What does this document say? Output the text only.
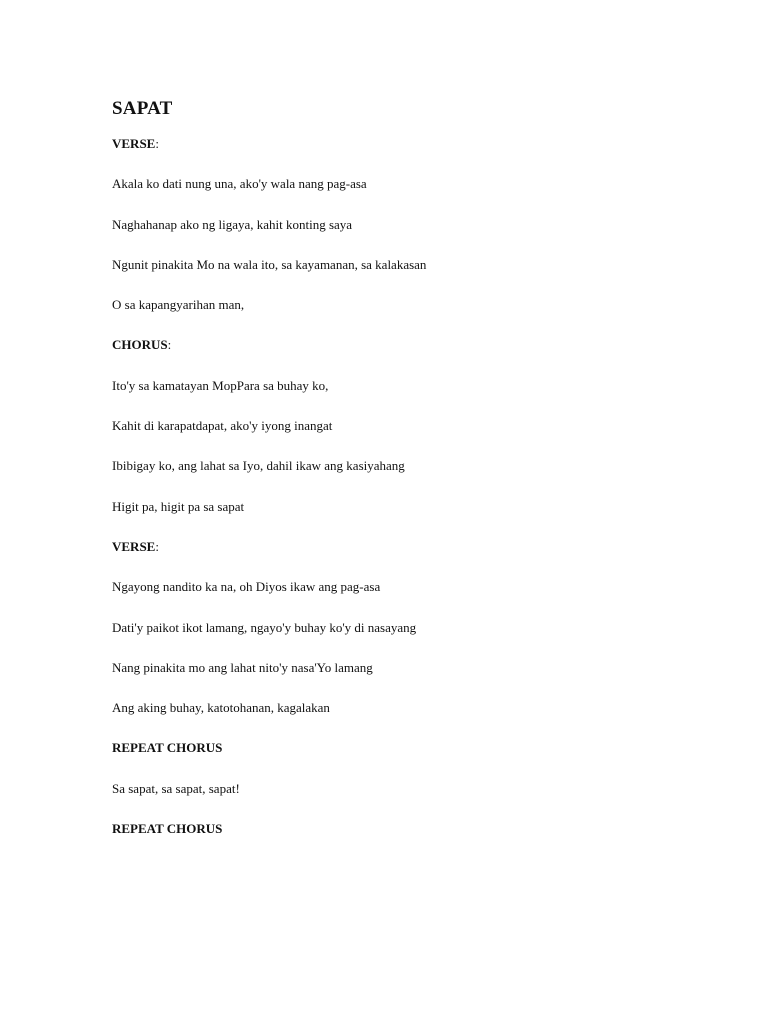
SAPAT
VERSE:
Akala ko dati nung una, ako'y wala nang pag-asa
Naghahanap ako ng ligaya, kahit konting saya
Ngunit pinakita Mo na wala ito, sa kayamanan, sa kalakasan
O sa kapangyarihan man,
CHORUS:
Ito'y sa kamatayan MopPara sa buhay ko,
Kahit di karapatdapat, ako'y iyong inangat
Ibibigay ko, ang lahat sa Iyo, dahil ikaw ang kasiyahang
Higit pa, higit pa sa sapat
VERSE:
Ngayong nandito ka na, oh Diyos ikaw ang pag-asa
Dati'y paikot ikot lamang, ngayo'y buhay ko'y di nasayang
Nang pinakita mo ang lahat nito'y nasa'Yo lamang
Ang aking buhay, katotohanan, kagalakan
REPEAT CHORUS
Sa sapat, sa sapat, sapat!
REPEAT CHORUS
